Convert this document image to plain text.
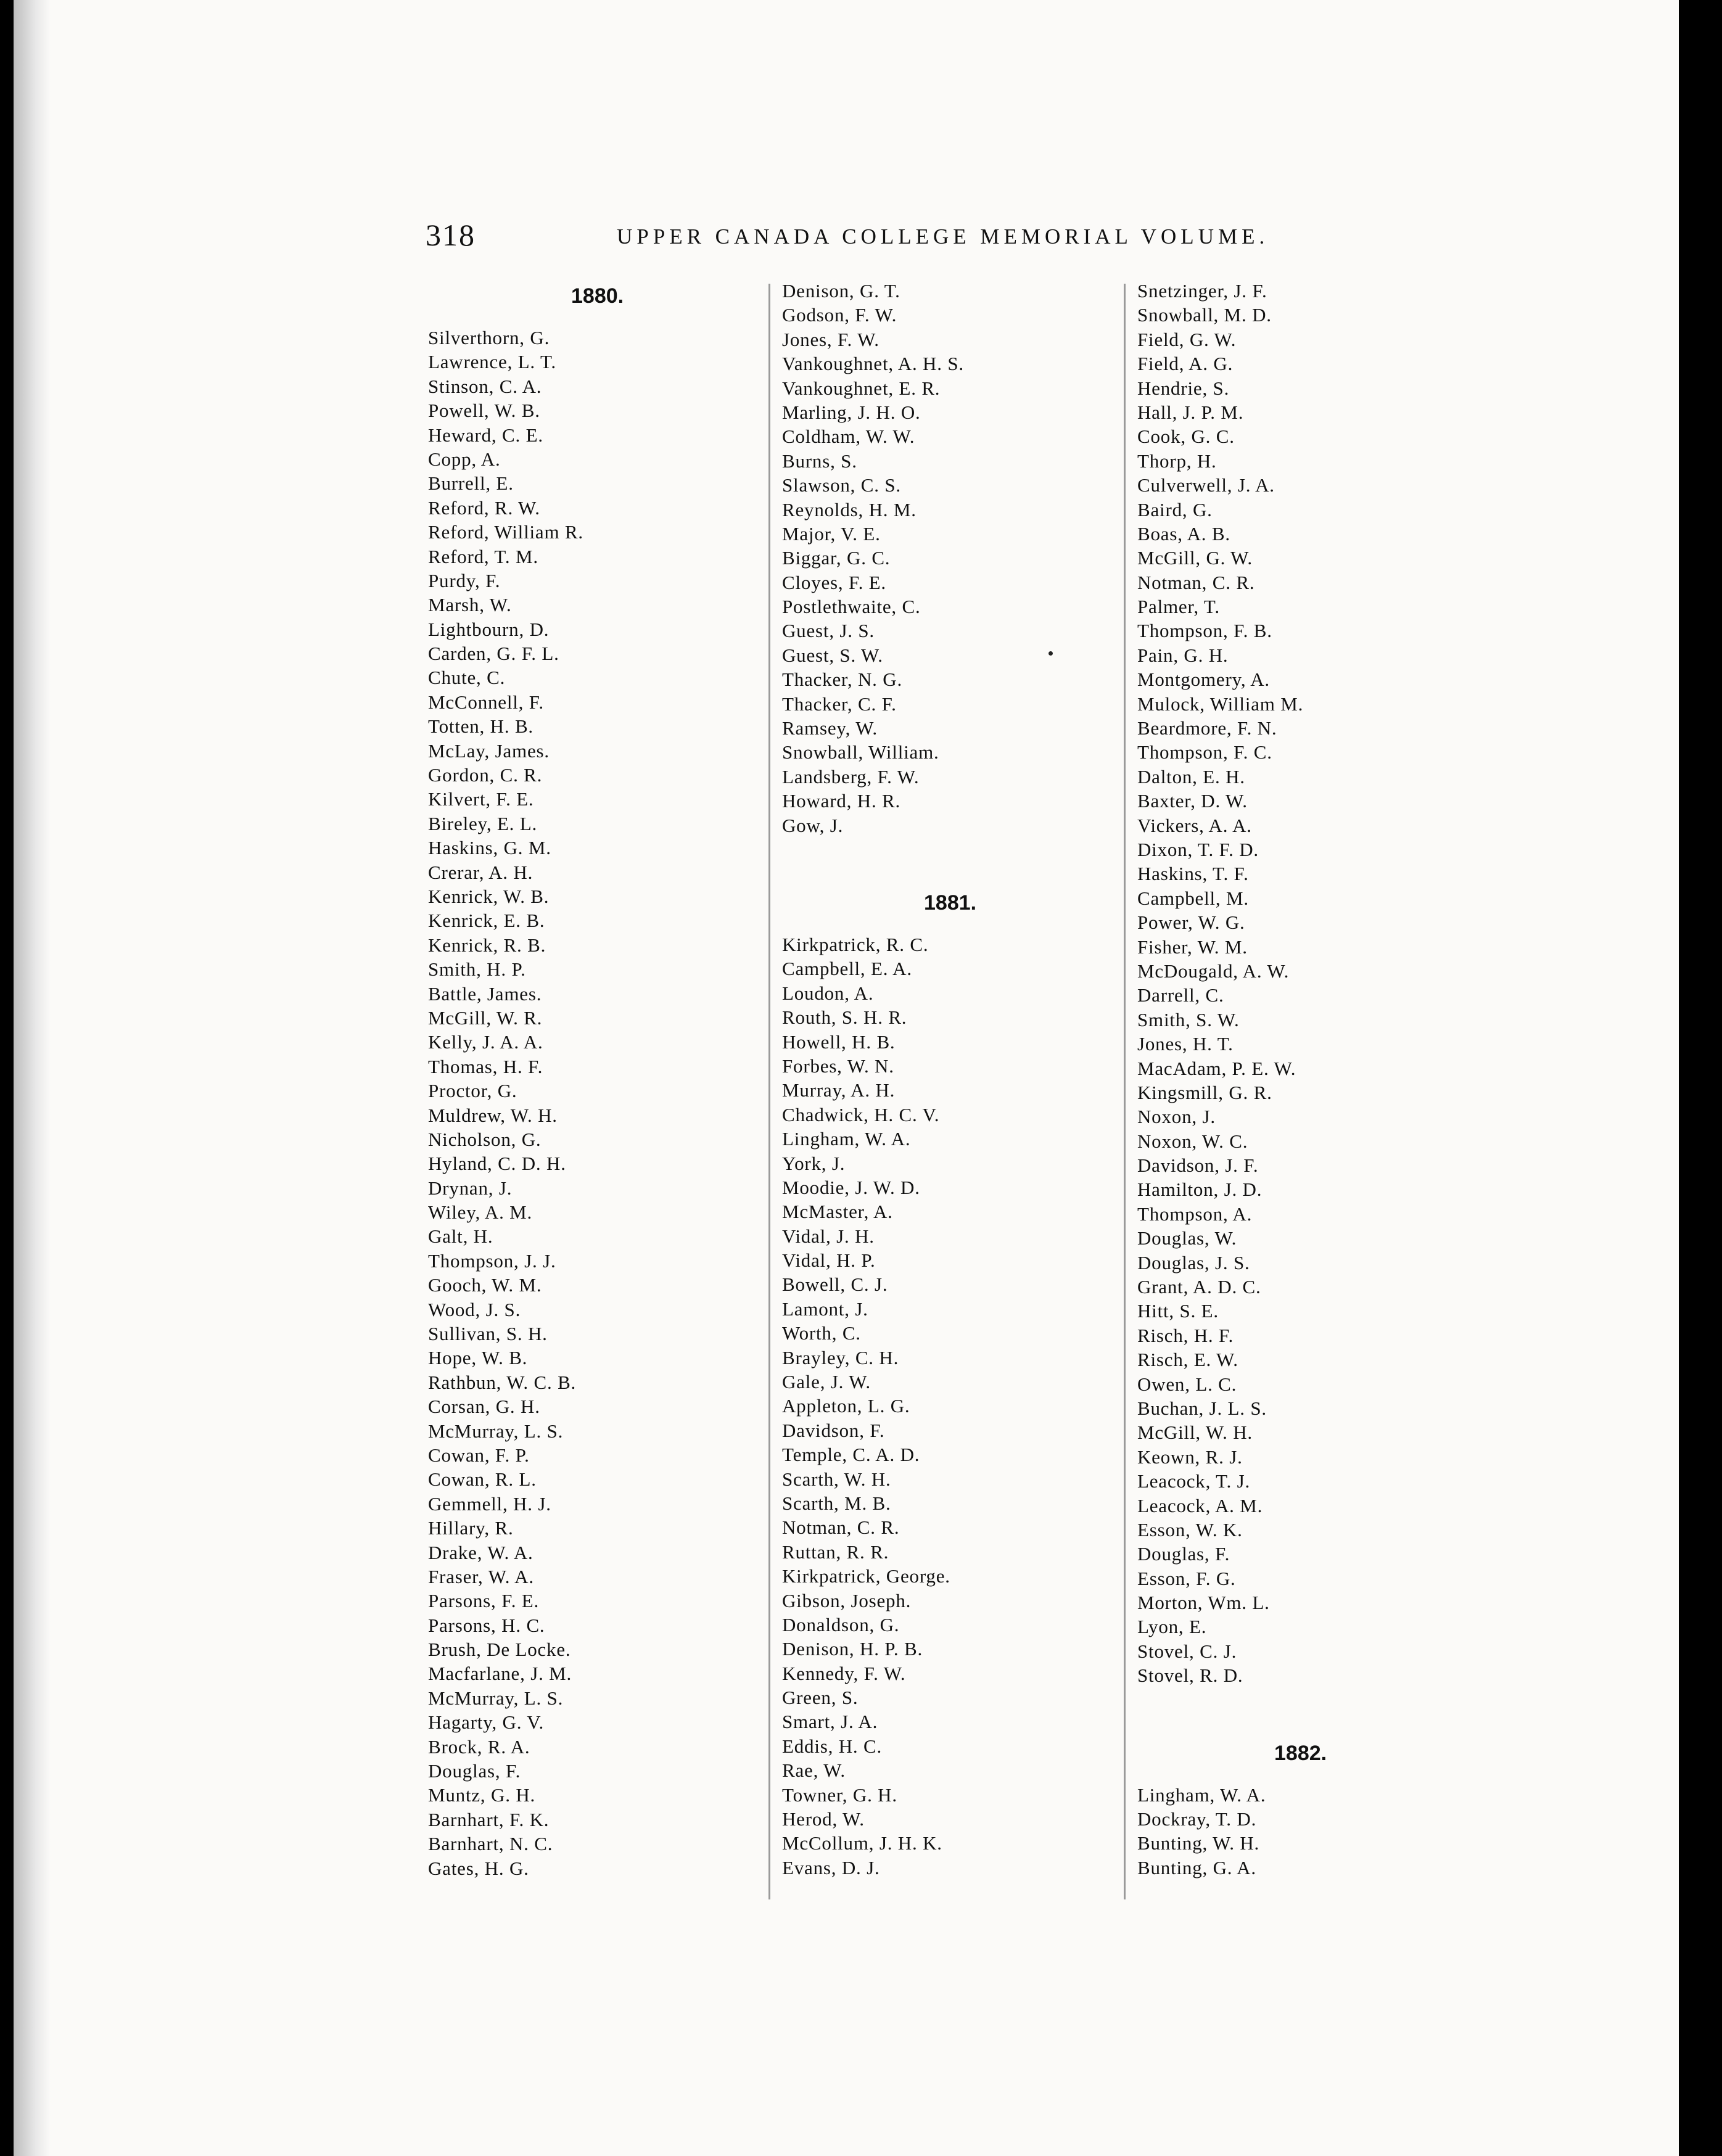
318	UPPER CANADA COLLEGE MEMORIAL VOLUME.
1880.
Silverthorn, G.
Lawrence, L. T.
Stinson, C. A.
Powell, W. B.
Heward, C. E.
Copp, A.
Burrell, E.
Reford, R. W.
Reford, William R.
Reford, T. M.
Purdy, F.
Marsh, W.
Lightbourn, D.
Carden, G. F. L.
Chute, C.
McConnell, F.
Totten, H. B.
McLay, James.
Gordon, C. R.
Kilvert, F. E.
Bireley, E. L.
Haskins, G. M.
Crerar, A. H.
Kenrick, W. B.
Kenrick, E. B.
Kenrick, R. B.
Smith, H. P.
Battle, James.
McGill, W. R.
Kelly, J. A. A.
Thomas, H. F.
Proctor, G.
Muldrew, W. H.
Nicholson, G.
Hyland, C. D. H.
Drynan, J.
Wiley, A. M.
Galt, H.
Thompson, J. J.
Gooch, W. M.
Wood, J. S.
Sullivan, S. H.
Hope, W. B.
Rathbun, W. C. B.
Corsan, G. H.
McMurray, L. S.
Cowan, F. P.
Cowan, R. L.
Gemmell, H. J.
Hillary, R.
Drake, W. A.
Fraser, W. A.
Parsons, F. E.
Parsons, H. C.
Brush, De Locke.
Macfarlane, J. M.
McMurray, L. S.
Hagarty, G. V.
Brock, R. A.
Douglas, F.
Muntz, G. H.
Barnhart, F. K.
Barnhart, N. C.
Gates, H. G.
Denison, G. T.
Godson, F. W.
Jones, F. W.
Vankoughnet, A. H. S.
Vankoughnet, E. R.
Marling, J. H. O.
Coldham, W. W.
Burns, S.
Slawson, C. S.
Reynolds, H. M.
Major, V. E.
Biggar, G. C.
Cloyes, F. E.
Postlethwaite, C.
Guest, J. S.
Guest, S. W.
Thacker, N. G.
Thacker, C. F.
Ramsey, W.
Snowball, William.
Landsberg, F. W.
Howard, H. R.
Gow, J.
1881.
Kirkpatrick, R. C.
Campbell, E. A.
Loudon, A.
Routh, S. H. R.
Howell, H. B.
Forbes, W. N.
Murray, A. H.
Chadwick, H. C. V.
Lingham, W. A.
York, J.
Moodie, J. W. D.
McMaster, A.
Vidal, J. H.
Vidal, H. P.
Bowell, C. J.
Lamont, J.
Worth, C.
Brayley, C. H.
Gale, J. W.
Appleton, L. G.
Davidson, F.
Temple, C. A. D.
Scarth, W. H.
Scarth, M. B.
Notman, C. R.
Ruttan, R. R.
Kirkpatrick, George.
Gibson, Joseph.
Donaldson, G.
Denison, H. P. B.
Kennedy, F. W.
Green, S.
Smart, J. A.
Eddis, H. C.
Rae, W.
Towner, G. H.
Herod, W.
McCollum, J. H. K.
Evans, D. J.
Snetzinger, J. F.
Snowball, M. D.
Field, G. W.
Field, A. G.
Hendrie, S.
Hall, J. P. M.
Cook, G. C.
Thorp, H.
Culverwell, J. A.
Baird, G.
Boas, A. B.
McGill, G. W.
Notman, C. R.
Palmer, T.
Thompson, F. B.
Pain, G. H.
Montgomery, A.
Mulock, William M.
Beardmore, F. N.
Thompson, F. C.
Dalton, E. H.
Baxter, D. W.
Vickers, A. A.
Dixon, T. F. D.
Haskins, T. F.
Campbell, M.
Power, W. G.
Fisher, W. M.
McDougald, A. W.
Darrell, C.
Smith, S. W.
Jones, H. T.
MacAdam, P. E. W.
Kingsmill, G. R.
Noxon, J.
Noxon, W. C.
Davidson, J. F.
Hamilton, J. D.
Thompson, A.
Douglas, W.
Douglas, J. S.
Grant, A. D. C.
Hitt, S. E.
Risch, H. F.
Risch, E. W.
Owen, L. C.
Buchan, J. L. S.
McGill, W. H.
Keown, R. J.
Leacock, T. J.
Leacock, A. M.
Esson, W. K.
Douglas, F.
Esson, F. G.
Morton, Wm. L.
Lyon, E.
Stovel, C. J.
Stovel, R. D.
1882.
Lingham, W. A.
Dockray, T. D.
Bunting, W. H.
Bunting, G. A.
